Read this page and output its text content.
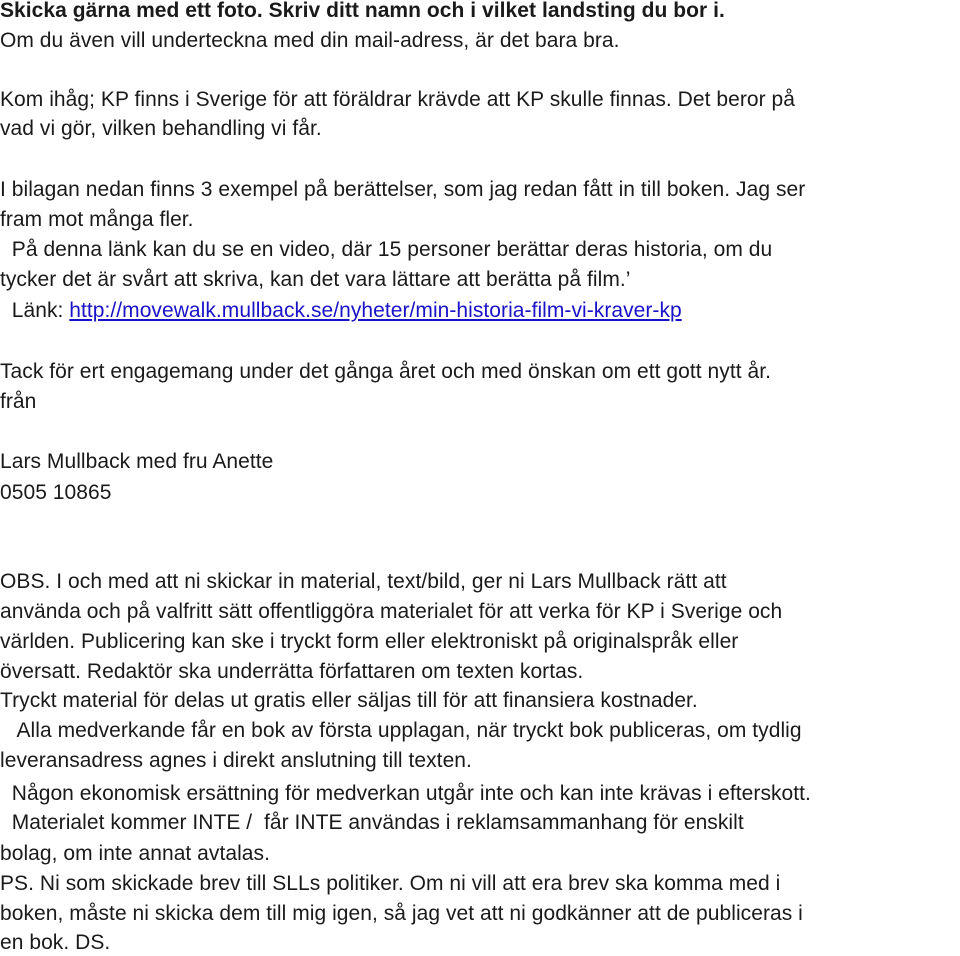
Skicka gärna med ett foto. Skriv ditt namn och i vilket landsting du bor i.
Om du även vill underteckna med din mail-adress, är det bara bra.
Kom ihåg; KP finns i Sverige för att föräldrar krävde att KP skulle finnas. Det beror på
vad vi gör, vilken behandling vi får.
I bilagan nedan finns 3 exempel på berättelser, som jag redan fått in till boken. Jag ser
fram mot många fler.
På denna länk kan du se en video, där 15 personer berättar deras historia, om du
tycker det är svårt att skriva, kan det vara lättare att berätta på film.’
Länk: http://movewalk.mullback.se/nyheter/min-historia-film-vi-kraver-kp
Tack för ert engagemang under det gånga året och med önskan om ett gott nytt år.
från
Lars Mullback med fru Anette
0505 10865
OBS. I och med att ni skickar in material, text/bild, ger ni Lars Mullback rätt att
använda och på valfritt sätt offentliggöra materialet för att verka för KP i Sverige och
världen. Publicering kan ske i tryckt form eller elektroniskt på originalspråk eller
översatt. Redaktör ska underrätta författaren om texten kortas.
Tryckt material för delas ut gratis eller säljas till för att finansiera kostnader.
Alla medverkande får en bok av första upplagan, när tryckt bok publiceras, om tydlig
leveransadress agnes i direkt anslutning till texten.
Någon ekonomisk ersättning för medverkan utgår inte och kan inte krävas i efterskott.
Materialet kommer INTE /  får INTE användas i reklamsammanhang för enskilt
bolag, om inte annat avtalas.
PS. Ni som skickade brev till SLLs politiker. Om ni vill att era brev ska komma med i
boken, måste ni skicka dem till mig igen, så jag vet att ni godkänner att de publiceras i
en bok. DS.
